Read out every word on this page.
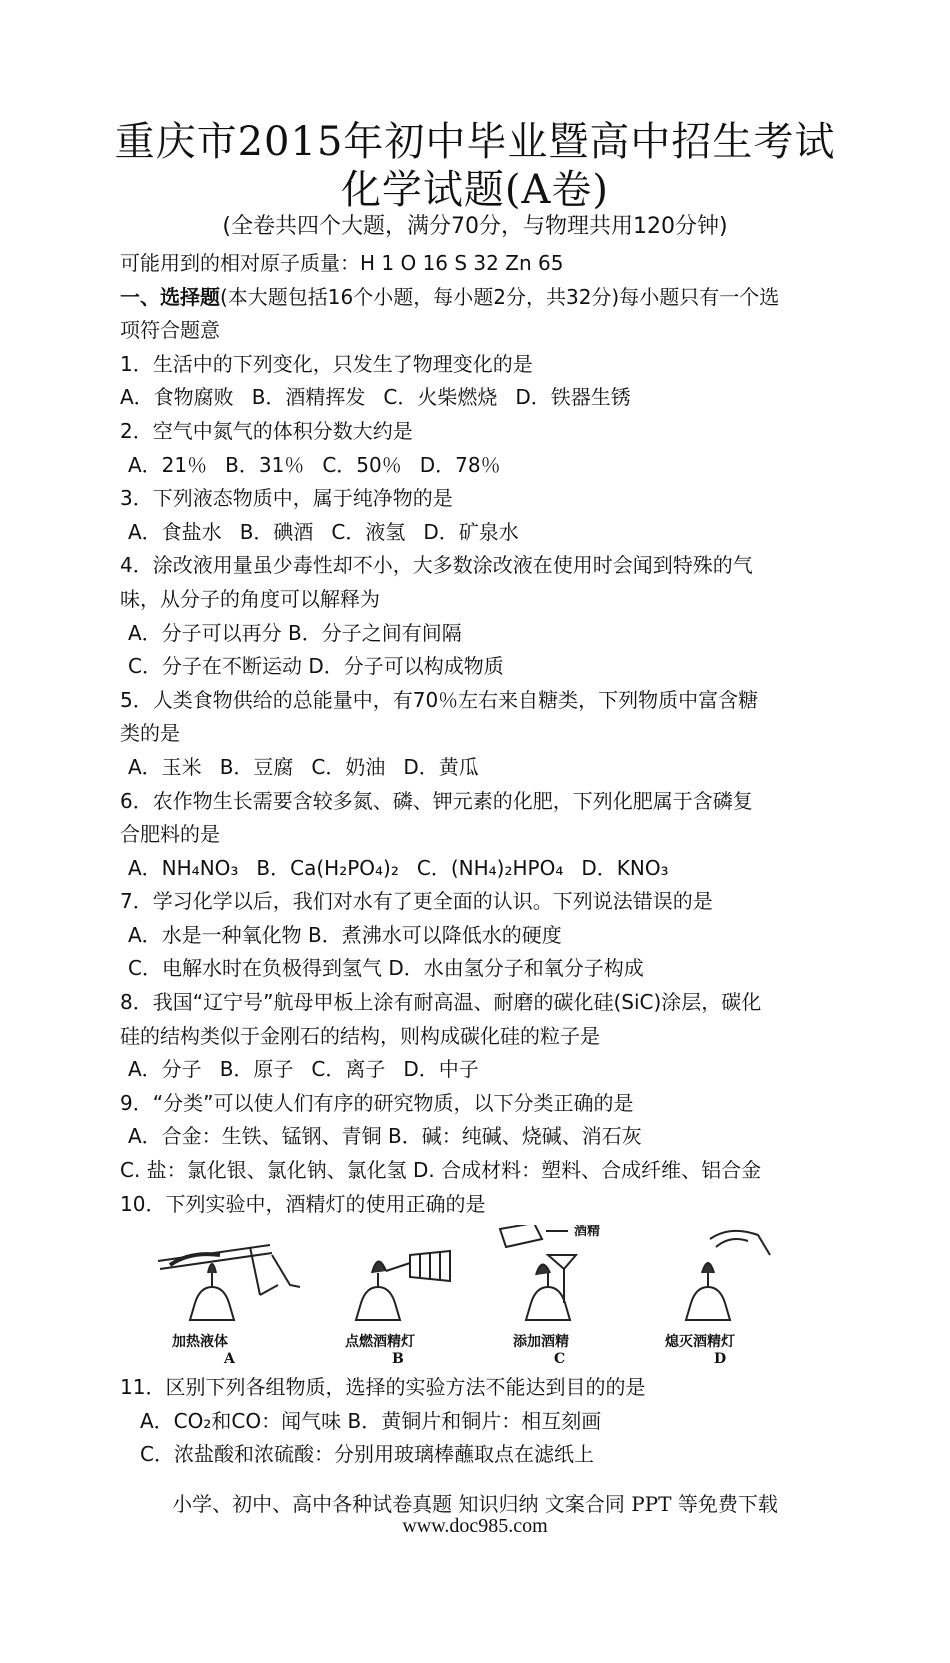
重庆市2015年初中毕业暨高中招生考试
化学试题(A卷)
(全卷共四个大题，满分70分，与物理共用120分钟)
可能用到的相对原子质量：H 1 O 16 S 32 Zn 65
一、选择题(本大题包括16个小题，每小题2分，共32分)每小题只有一个选
项符合题意
1．生活中的下列变化，只发生了物理变化的是
A．食物腐败 B．酒精挥发 C．火柴燃烧 D．铁器生锈
2．空气中氮气的体积分数大约是
A．21％ B．31％ C．50％ D．78％
3．下列液态物质中，属于纯净物的是
A．食盐水 B．碘酒 C．液氢 D．矿泉水
4．涂改液用量虽少毒性却不小，大多数涂改液在使用时会闻到特殊的气
味，从分子的角度可以解释为
A．分子可以再分 B．分子之间有间隔
C．分子在不断运动 D．分子可以构成物质
5．人类食物供给的总能量中，有70％左右来自糖类，下列物质中富含糖
类的是
A．玉米 B．豆腐 C．奶油 D．黄瓜
6．农作物生长需要含较多氮、磷、钾元素的化肥，下列化肥属于含磷复
合肥料的是
A．NH₄NO₃ B．Ca(H₂PO₄)₂ C．(NH₄)₂HPO₄ D．KNO₃
7．学习化学以后，我们对水有了更全面的认识。下列说法错误的是
A．水是一种氧化物 B．煮沸水可以降低水的硬度
C．电解水时在负极得到氢气 D．水由氢分子和氧分子构成
8．我国“辽宁号”航母甲板上涂有耐高温、耐磨的碳化硅(SiC)涂层，碳化
硅的结构类似于金刚石的结构，则构成碳化硅的粒子是
A．分子 B．原子 C．离子 D．中子
9．“分类”可以使人们有序的研究物质，以下分类正确的是
A．合金：生铁、锰钢、青铜 B．碱：纯碱、烧碱、消石灰
C. 盐：氯化银、氯化钠、氯化氢 D. 合成材料：塑料、合成纤维、铝合金
10．下列实验中，酒精灯的使用正确的是
酒精
加热液体	点燃酒精灯	添加酒精	熄灭酒精灯
A	B	C	D
11．区别下列各组物质，选择的实验方法不能达到目的的是
A．CO₂和CO：闻气味 B．黄铜片和铜片：相互刻画
C．浓盐酸和浓硫酸：分别用玻璃棒蘸取点在滤纸上
小学、初中、高中各种试卷真题 知识归纳 文案合同 PPT 等免费下载
www.doc985.com
